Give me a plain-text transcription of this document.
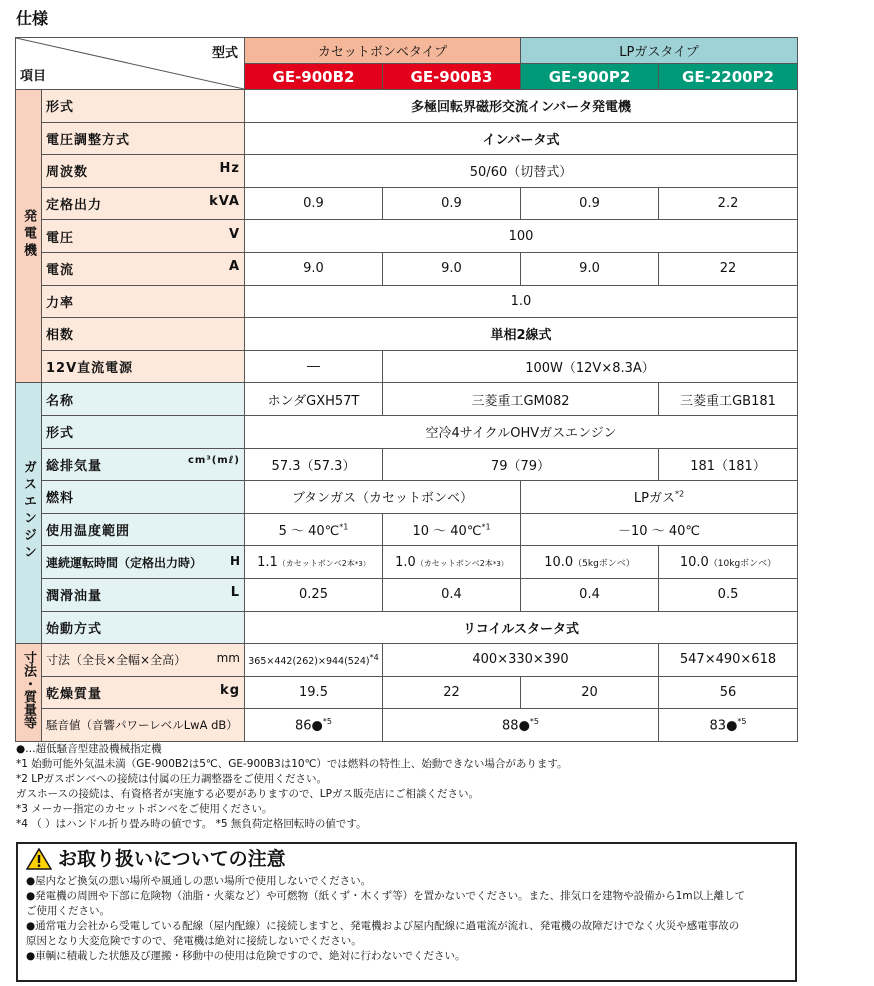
仕様
型式
項目		カセットボンベタイプ		LPガスタイプ	
		GE-900B2	GE-900B3	GE-900P2	GE-2200P2
発電機	形式	多極回転界磁形交流インバータ発電機			
	電圧調整方式	インバータ式			

	周波数 Hz	50/60（切替式）			

	定格出力 kVA	0.9	0.9	0.9	2.2

	電圧 V	100			

	電流 A	9.0	9.0	9.0	22
	力率	1.0			
	相数	単相2線式			
	12V直流電源	―	100W（12V×8.3A）		
ガスエンジン	名称	ホンダGXH57T	三菱重工GM082		三菱重工GB181
	形式	空冷4サイクルOHVガスエンジン			

	総排気量 cm³(mℓ)	57.3（57.3）	79（79）		181（181）
	燃料	ブタンガス（カセットボンベ）		LPガス$^{*2}$
	使用温度範囲	5 ～ 40℃$^{*1}$	10 ～ 40℃$^{*1}$	－10 ～ 40℃	

	連続運転時間（定格出力時） H	1.1（カセットボンベ2本*3）	1.0（カセットボンベ2本*3）	10.0（5kgボンベ）	10.0（10kgボンベ）

	潤滑油量 L	0.25	0.4	0.4	0.5
	始動方式	リコイルスタータ式			
寸法・質量等	寸法（全長×全幅×全高） mm	$365\times 442(262)\times 944(524)^{*4}$	400×330×390		547×490×618

	乾燥質量 kg	19.5	22	20	56
	騒音値（音響パワーレベルLwA dB）	86●$^{*5}$	88●$^{*5}$		83●$^{*5}$
●…超低騒音型建設機械指定機
*1 始動可能外気温未満（GE-900B2は5℃、GE-900B3は10℃）では燃料の特性上、始動できない場合があります。
*2 LPガスボンベへの接続は付属の圧力調整器をご使用ください。
ガスホースの接続は、有資格者が実施する必要がありますので、LPガス販売店にご相談ください。
*3 メーカー指定のカセットボンベをご使用ください。
*4 （ ）はハンドル折り畳み時の値です。 *5 無負荷定格回転時の値です。
お取り扱いについての注意
●屋内など換気の悪い場所や風通しの悪い場所で使用しないでください。
●発電機の周囲や下部に危険物（油脂・火薬など）や可燃物（紙くず・木くず等）を置かないでください。また、排気口を建物や設備から1m以上離して
ご使用ください。
●通常電力会社から受電している配線（屋内配線）に接続しますと、発電機および屋内配線に過電流が流れ、発電機の故障だけでなく火災や感電事故の
原因となり大変危険ですので、発電機は絶対に接続しないでください。
●車輌に積載した状態及び運搬・移動中の使用は危険ですので、絶対に行わないでください。
